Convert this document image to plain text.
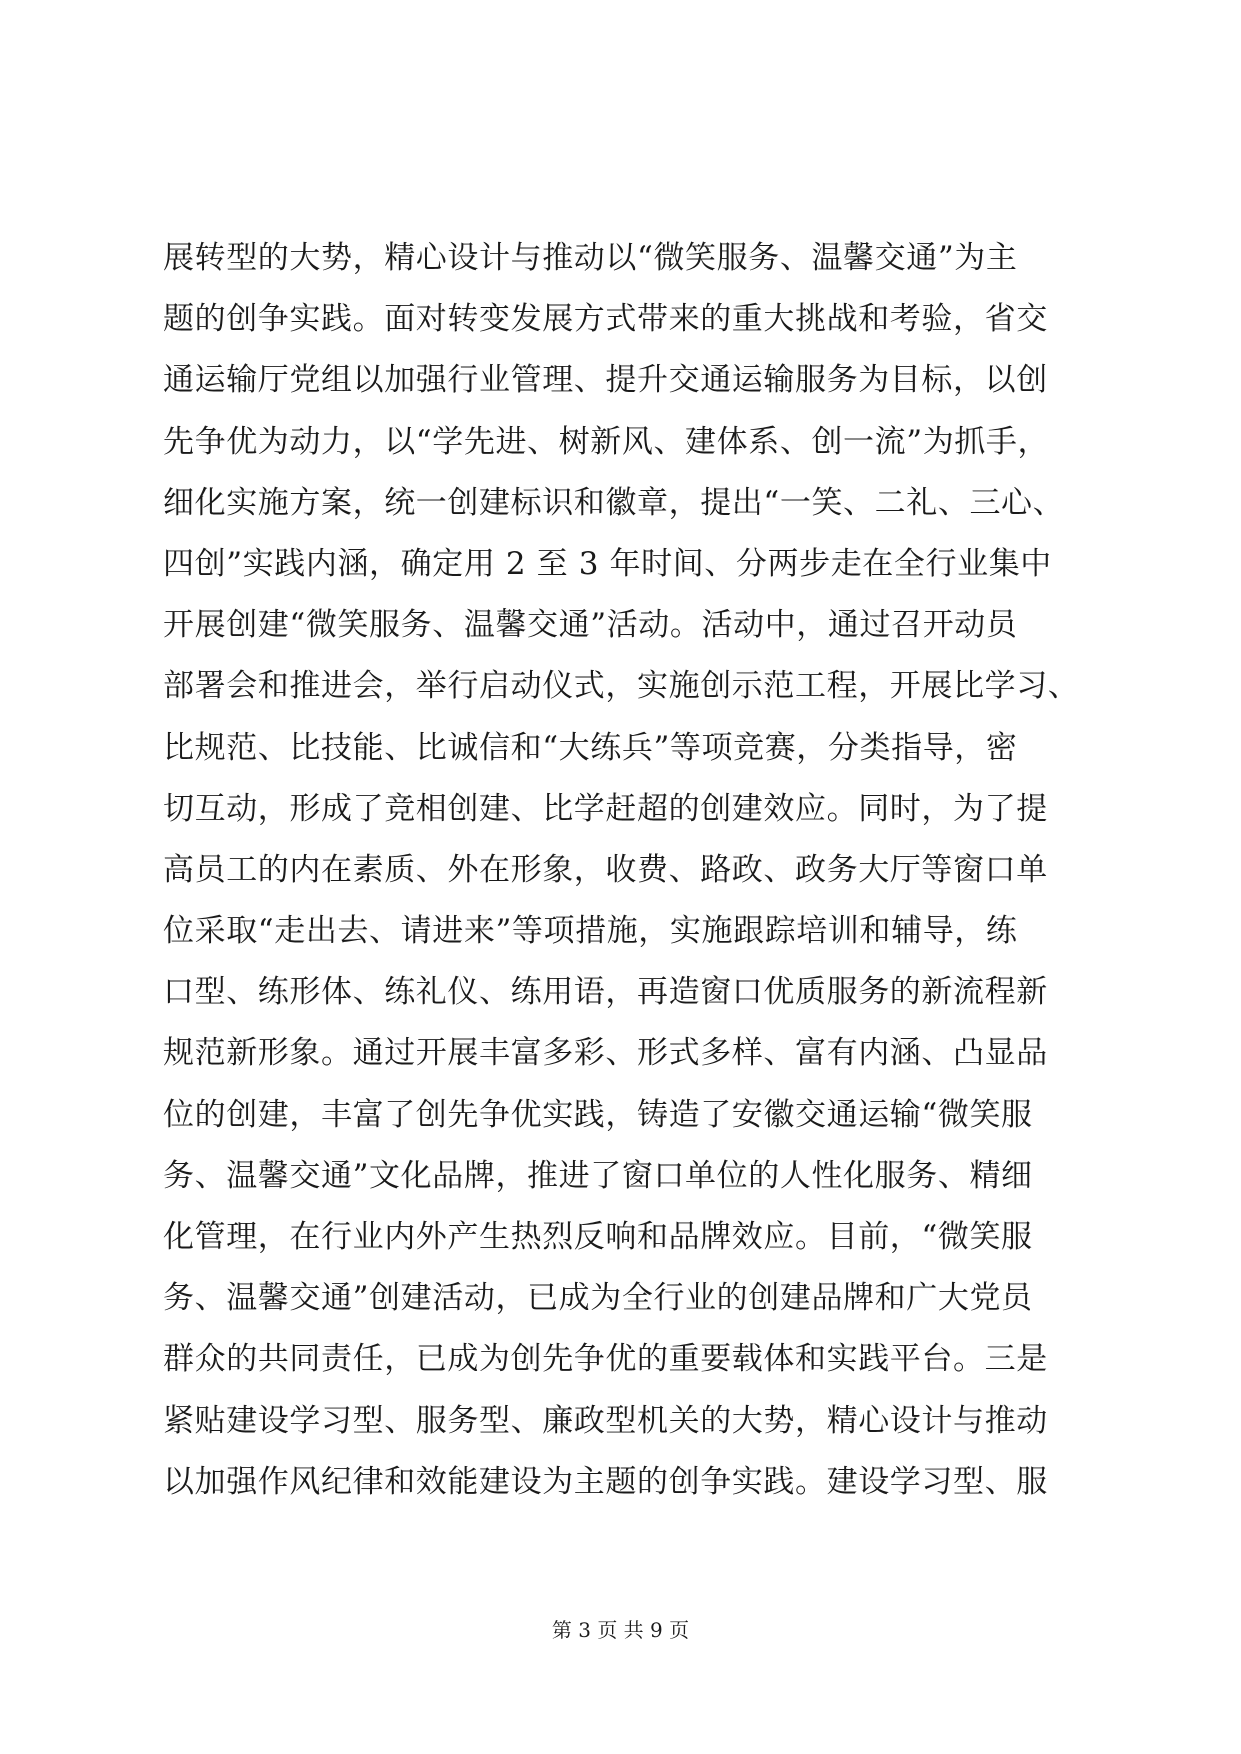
展转型的大势，精心设计与推动以“微笑服务、温馨交通”为主
题的创争实践。面对转变发展方式带来的重大挑战和考验，省交
通运输厅党组以加强行业管理、提升交通运输服务为目标，以创
先争优为动力，以“学先进、树新风、建体系、创一流”为抓手，
细化实施方案，统一创建标识和徽章，提出“一笑、二礼、三心、
四创”实践内涵，确定用 2 至 3 年时间、分两步走在全行业集中
开展创建“微笑服务、温馨交通”活动。活动中，通过召开动员
部署会和推进会，举行启动仪式，实施创示范工程，开展比学习、
比规范、比技能、比诚信和“大练兵”等项竞赛，分类指导，密
切互动，形成了竞相创建、比学赶超的创建效应。同时，为了提
高员工的内在素质、外在形象，收费、路政、政务大厅等窗口单
位采取“走出去、请进来”等项措施，实施跟踪培训和辅导，练
口型、练形体、练礼仪、练用语，再造窗口优质服务的新流程新
规范新形象。通过开展丰富多彩、形式多样、富有内涵、凸显品
位的创建，丰富了创先争优实践，铸造了安徽交通运输“微笑服
务、温馨交通”文化品牌，推进了窗口单位的人性化服务、精细
化管理，在行业内外产生热烈反响和品牌效应。目前，“微笑服
务、温馨交通”创建活动，已成为全行业的创建品牌和广大党员
群众的共同责任，已成为创先争优的重要载体和实践平台。三是
紧贴建设学习型、服务型、廉政型机关的大势，精心设计与推动
以加强作风纪律和效能建设为主题的创争实践。建设学习型、服
第 3 页 共 9 页
